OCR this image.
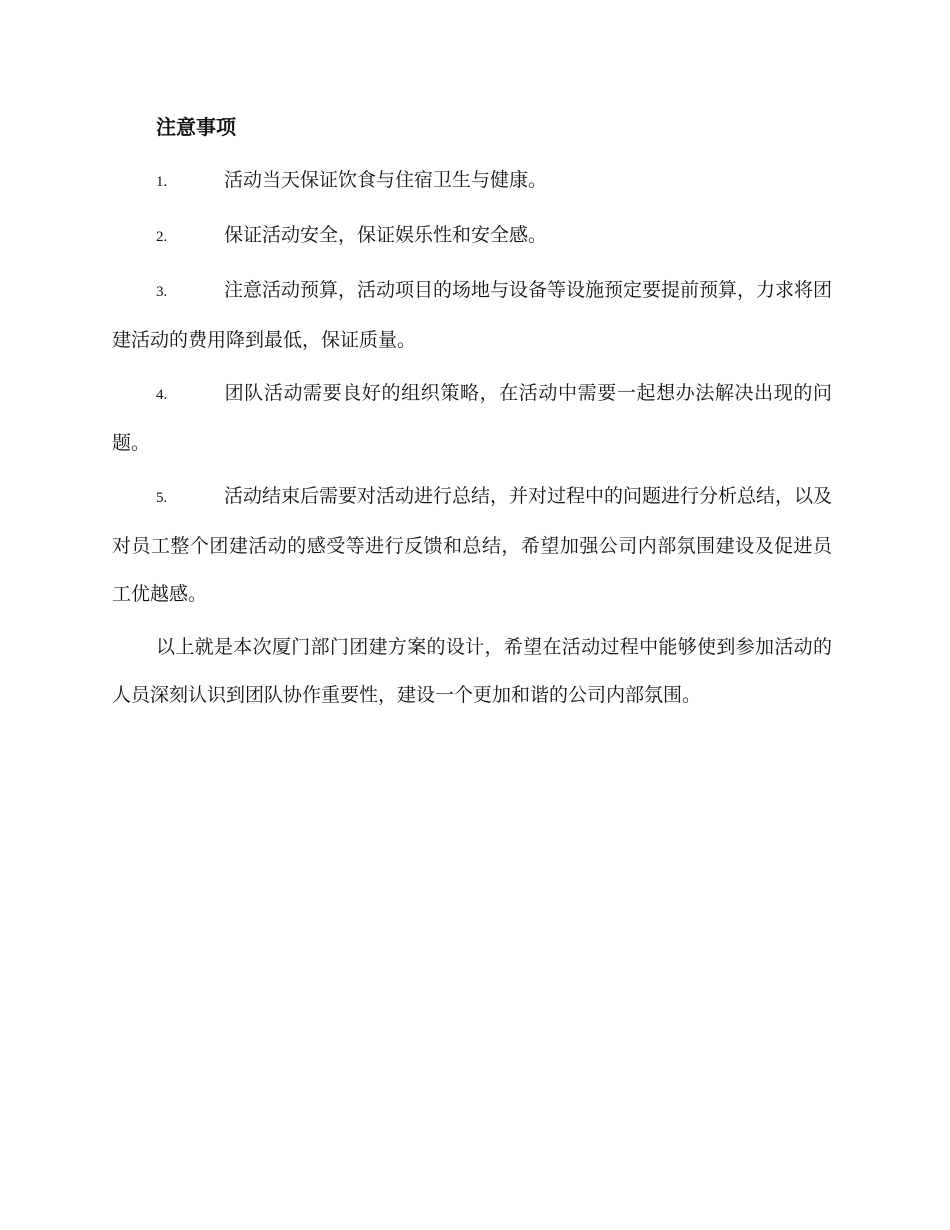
注意事项

1.	活动当天保证饮食与住宿卫生与健康。

2.	保证活动安全，保证娱乐性和安全感。

3.	注意活动预算，活动项目的场地与设备等设施预定要提前预算，力求将团建活动的费用降到最低，保证质量。

4.	团队活动需要良好的组织策略，在活动中需要一起想办法解决出现的问题。

5.	活动结束后需要对活动进行总结，并对过程中的问题进行分析总结，以及对员工整个团建活动的感受等进行反馈和总结，希望加强公司内部氛围建设及促进员工优越感。

以上就是本次厦门部门团建方案的设计，希望在活动过程中能够使到参加活动的人员深刻认识到团队协作重要性，建设一个更加和谐的公司内部氛围。
